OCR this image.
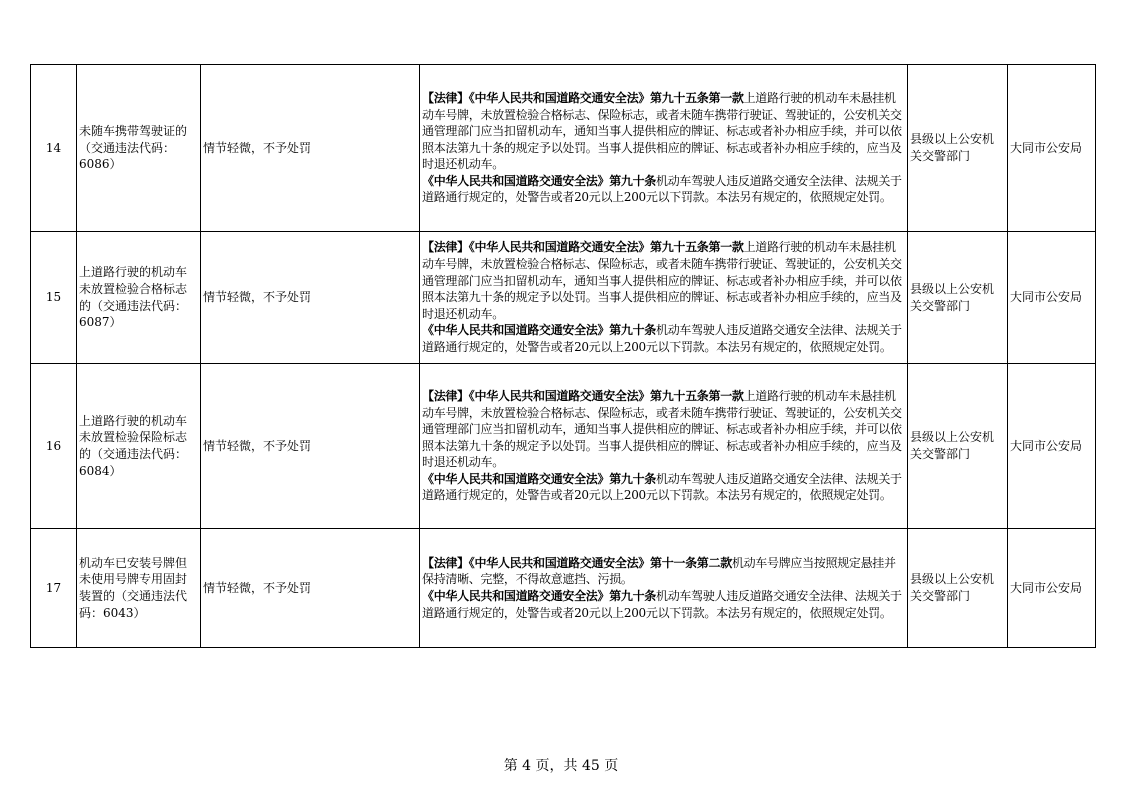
14	未随车携带驾驶证的（交通违法代码：6086）	情节轻微，不予处罚	【法律】《中华人民共和国道路交通安全法》第九十五条第一款上道路行驶的机动车未悬挂机动车号牌，未放置检验合格标志、保险标志，或者未随车携带行驶证、驾驶证的，公安机关交通管理部门应当扣留机动车，通知当事人提供相应的牌证、标志或者补办相应手续，并可以依照本法第九十条的规定予以处罚。当事人提供相应的牌证、标志或者补办相应手续的，应当及时退还机动车。
《中华人民共和国道路交通安全法》第九十条机动车驾驶人违反道路交通安全法律、法规关于道路通行规定的，处警告或者20元以上200元以下罚款。本法另有规定的，依照规定处罚。	县级以上公安机关交警部门	大同市公安局
15	上道路行驶的机动车未放置检验合格标志的（交通违法代码：6087）	情节轻微，不予处罚	【法律】《中华人民共和国道路交通安全法》第九十五条第一款上道路行驶的机动车未悬挂机动车号牌，未放置检验合格标志、保险标志，或者未随车携带行驶证、驾驶证的，公安机关交通管理部门应当扣留机动车，通知当事人提供相应的牌证、标志或者补办相应手续，并可以依照本法第九十条的规定予以处罚。当事人提供相应的牌证、标志或者补办相应手续的，应当及时退还机动车。
《中华人民共和国道路交通安全法》第九十条机动车驾驶人违反道路交通安全法律、法规关于道路通行规定的，处警告或者20元以上200元以下罚款。本法另有规定的，依照规定处罚。	县级以上公安机关交警部门	大同市公安局
16	上道路行驶的机动车未放置检验保险标志的（交通违法代码：6084）	情节轻微，不予处罚	【法律】《中华人民共和国道路交通安全法》第九十五条第一款上道路行驶的机动车未悬挂机动车号牌，未放置检验合格标志、保险标志，或者未随车携带行驶证、驾驶证的，公安机关交通管理部门应当扣留机动车，通知当事人提供相应的牌证、标志或者补办相应手续，并可以依照本法第九十条的规定予以处罚。当事人提供相应的牌证、标志或者补办相应手续的，应当及时退还机动车。
《中华人民共和国道路交通安全法》第九十条机动车驾驶人违反道路交通安全法律、法规关于道路通行规定的，处警告或者20元以上200元以下罚款。本法另有规定的，依照规定处罚。	县级以上公安机关交警部门	大同市公安局
17	机动车已安装号牌但未使用号牌专用固封装置的（交通违法代码：6043）	情节轻微，不予处罚	【法律】《中华人民共和国道路交通安全法》第十一条第二款机动车号牌应当按照规定悬挂并保持清晰、完整，不得故意遮挡、污损。
《中华人民共和国道路交通安全法》第九十条机动车驾驶人违反道路交通安全法律、法规关于道路通行规定的，处警告或者20元以上200元以下罚款。本法另有规定的，依照规定处罚。	县级以上公安机关交警部门	大同市公安局
第 4 页，共 45 页
